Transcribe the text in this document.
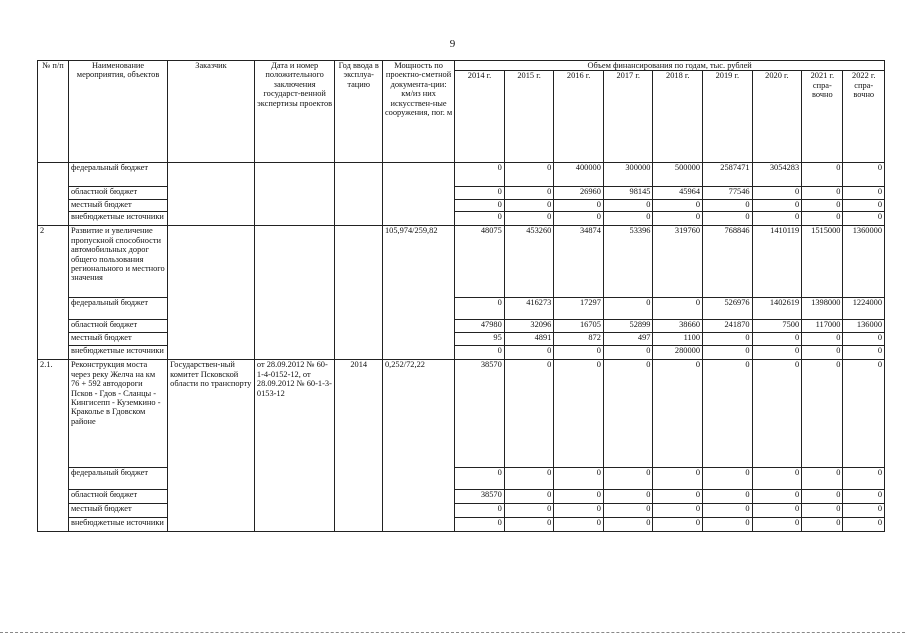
9
№ п/п	Наименование мероприятия, объектов	Заказчик	Дата и номер положительного заключения государст-венной экспертизы проектов	Год ввода в эксплуа-тацию	Мощность по проектно-сметной документа-ции: км/из них искусствен-ные сооружения, пог. м	Объем финансирования по годам, тыс. рублей								
						2014 г.	2015 г.	2016 г.	2017 г.	2018 г.	2019 г.	2020 г.	2021 г. спра-вочно	2022 г. спра-вочно
	федеральный бюджет					0	0	400000	300000	500000	2587471	3054283	0	0
	областной бюджет					0	0	26960	98145	45964	77546	0	0	0
	местный бюджет					0	0	0	0	0	0	0	0	0
	внебюджетные источники					0	0	0	0	0	0	0	0	0
2	Развитие и увеличение пропускной способности автомобильных дорог общего пользования регионального и местного значения				105,974/259,82	48075	453260	34874	53396	319760	768846	1410119	1515000	1360000
	федеральный бюджет					0	416273	17297	0	0	526976	1402619	1398000	1224000
	областной бюджет					47980	32096	16705	52899	38660	241870	7500	117000	136000
	местный бюджет					95	4891	872	497	1100	0	0	0	0
	внебюджетные источники					0	0	0	0	280000	0	0	0	0
2.1.	Реконструкция моста через реку Желча на км 76 + 592 автодороги Псков - Гдов - Сланцы - Кингисепп - Куземкино - Краколье в Гдовском районе	Государствен-ный комитет Псковской области по транспорту	от 28.09.2012 № 60-1-4-0152-12, от 28.09.2012 № 60-1-3-0153-12	2014	0,252/72,22	38570	0	0	0	0	0	0	0	0
	федеральный бюджет					0	0	0	0	0	0	0	0	0
	областной бюджет					38570	0	0	0	0	0	0	0	0
	местный бюджет					0	0	0	0	0	0	0	0	0
	внебюджетные источники					0	0	0	0	0	0	0	0	0
